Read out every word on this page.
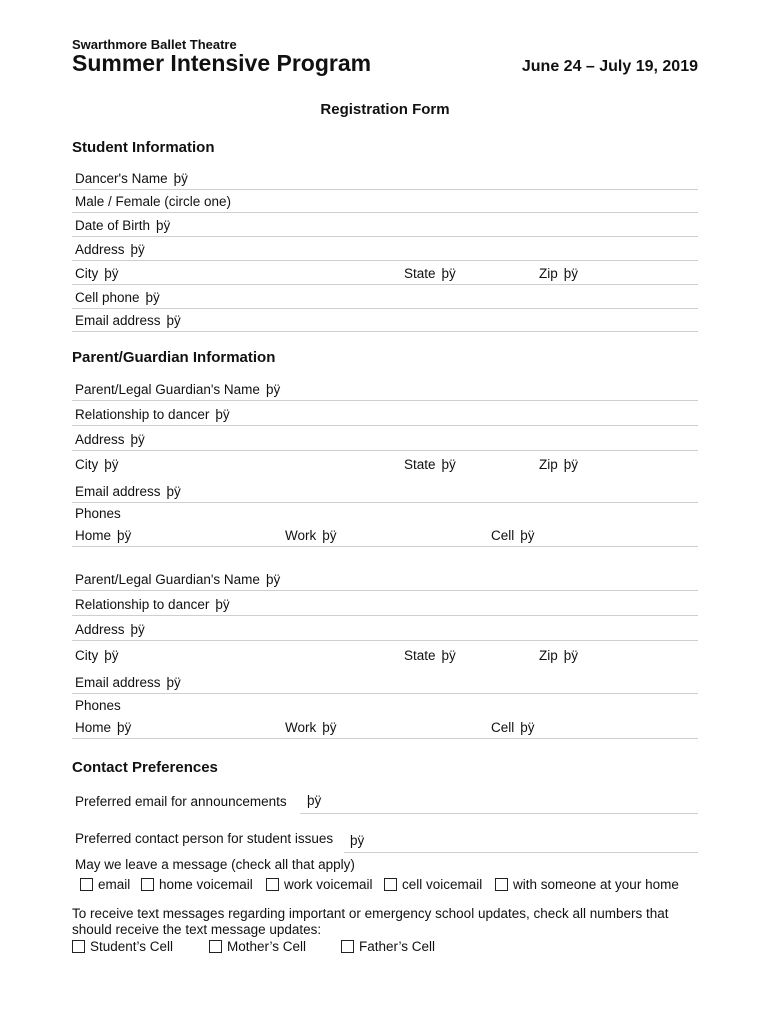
Swarthmore Ballet Theatre
Summer Intensive Program	June 24 – July 19, 2019
Registration Form
Student Information
Dancer's Name þÿ
Male / Female (circle one)
Date of Birth þÿ
Address þÿ
City þÿ	State þÿ	Zip þÿ
Cell phone þÿ
Email address þÿ
Parent/Guardian Information
Parent/Legal Guardian's Name þÿ
Relationship to dancer þÿ
Address þÿ
City þÿ	State þÿ	Zip þÿ
Email address þÿ
Phones
Home þÿ	Work þÿ	Cell þÿ
Parent/Legal Guardian's Name þÿ
Relationship to dancer þÿ
Address þÿ
City þÿ	State þÿ	Zip þÿ
Email address þÿ
Phones
Home þÿ	Work þÿ	Cell þÿ
Contact Preferences
Preferred email for announcements þÿ
Preferred contact person for student issues þÿ
May we leave a message (check all that apply)
email	home voicemail	work voicemail	cell voicemail	with someone at your home
To receive text messages regarding important or emergency school updates, check all numbers that
should receive the text message updates:
Student’s Cell	Mother’s Cell	Father’s Cell
